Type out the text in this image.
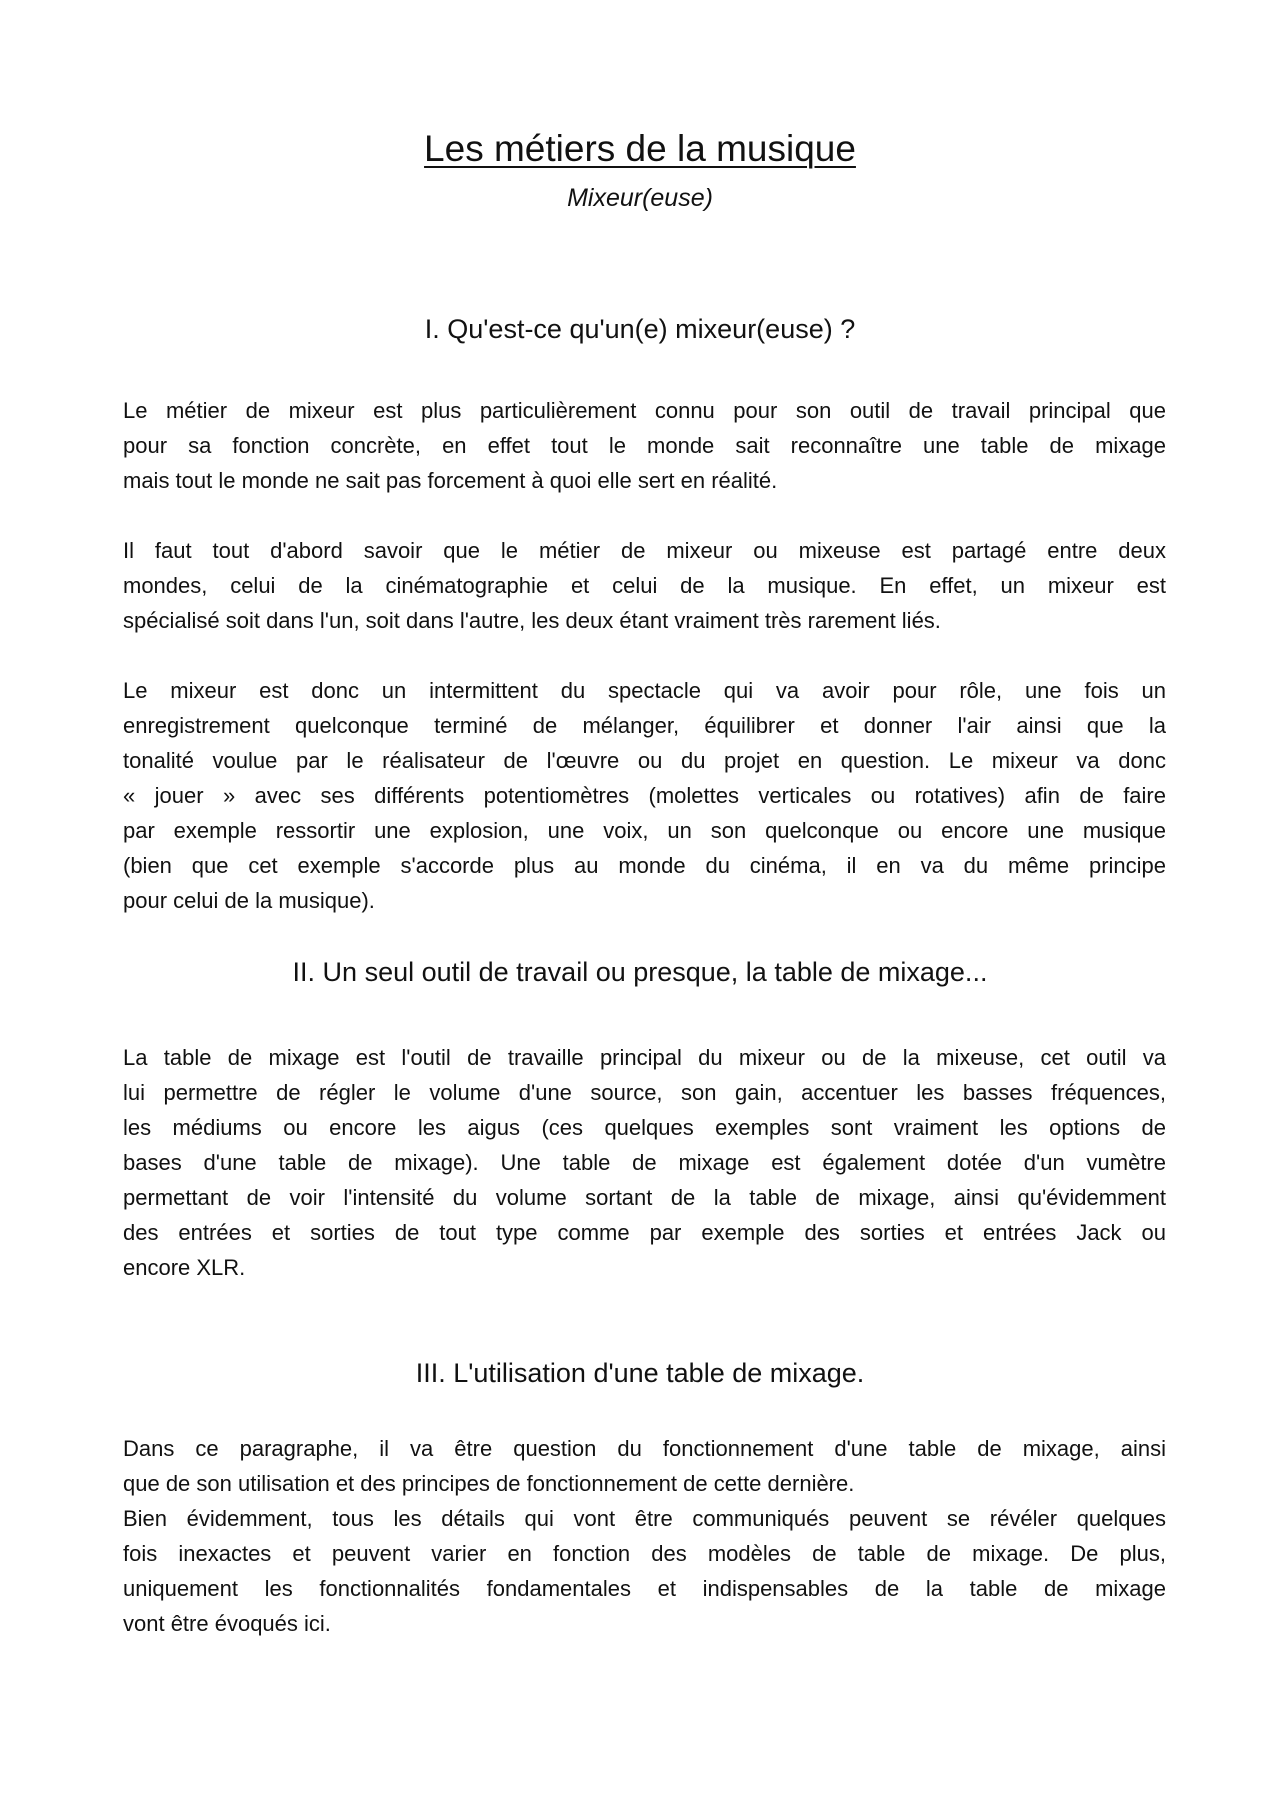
Les métiers de la musique
Mixeur(euse)
I. Qu'est-ce qu'un(e) mixeur(euse) ?
Le métier de mixeur est plus particulièrement connu pour son outil de travail principal que
pour sa fonction concrète, en effet tout le monde sait reconnaître une table de mixage
mais tout le monde ne sait pas forcement à quoi elle sert en réalité.
Il faut tout d'abord savoir que le métier de mixeur ou mixeuse est partagé entre deux
mondes, celui de la cinématographie et celui de la musique. En effet, un mixeur est
spécialisé soit dans l'un, soit dans l'autre, les deux étant vraiment très rarement liés.
Le mixeur est donc un intermittent du spectacle qui va avoir pour rôle, une fois un
enregistrement quelconque terminé de mélanger, équilibrer et donner l'air ainsi que la
tonalité voulue par le réalisateur de l'œuvre ou du projet en question. Le mixeur va donc
« jouer » avec ses différents potentiomètres (molettes verticales ou rotatives) afin de faire
par exemple ressortir une explosion, une voix, un son quelconque ou encore une musique
(bien que cet exemple s'accorde plus au monde du cinéma, il en va du même principe
pour celui de la musique).
II. Un seul outil de travail ou presque, la table de mixage...
La table de mixage est l'outil de travaille principal du mixeur ou de la mixeuse, cet outil va
lui permettre de régler le volume d'une source, son gain, accentuer les basses fréquences,
les médiums ou encore les aigus (ces quelques exemples sont vraiment les options de
bases d'une table de mixage). Une table de mixage est également dotée d'un vumètre
permettant de voir l'intensité du volume sortant de la table de mixage, ainsi qu'évidemment
des entrées et sorties de tout type comme par exemple des sorties et entrées Jack ou
encore XLR.
III. L'utilisation d'une table de mixage.
Dans ce paragraphe, il va être question du fonctionnement d'une table de mixage, ainsi
que de son utilisation et des principes de fonctionnement de cette dernière.
Bien évidemment, tous les détails qui vont être communiqués peuvent se révéler quelques
fois inexactes et peuvent varier en fonction des modèles de table de mixage. De plus,
uniquement les fonctionnalités fondamentales et indispensables de la table de mixage
vont être évoqués ici.
